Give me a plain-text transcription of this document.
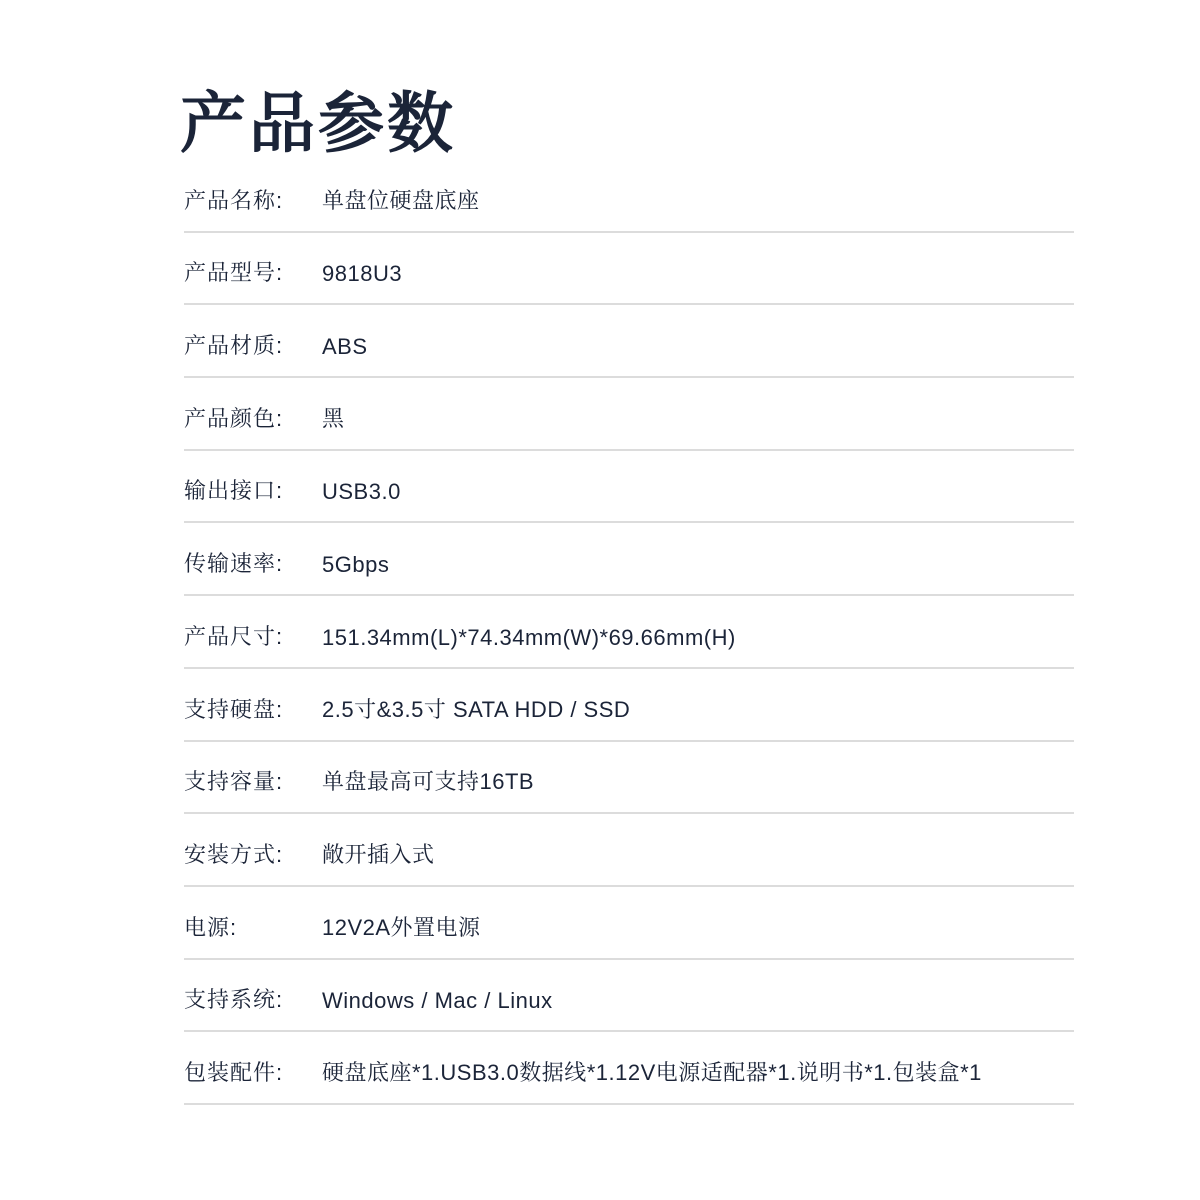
产品参数
产品名称:	单盘位硬盘底座
产品型号:	9818U3
产品材质:	ABS
产品颜色:	黑
输出接口:	USB3.0
传输速率:	5Gbps
产品尺寸:	151.34mm(L)*74.34mm(W)*69.66mm(H)
支持硬盘:	2.5寸&3.5寸 SATA HDD / SSD
支持容量:	单盘最高可支持16TB
安装方式:	敞开插入式
电源:	12V2A外置电源
支持系统:	Windows / Mac / Linux
包装配件:	硬盘底座*1.USB3.0数据线*1.12V电源适配器*1.说明书*1.包装盒*1
